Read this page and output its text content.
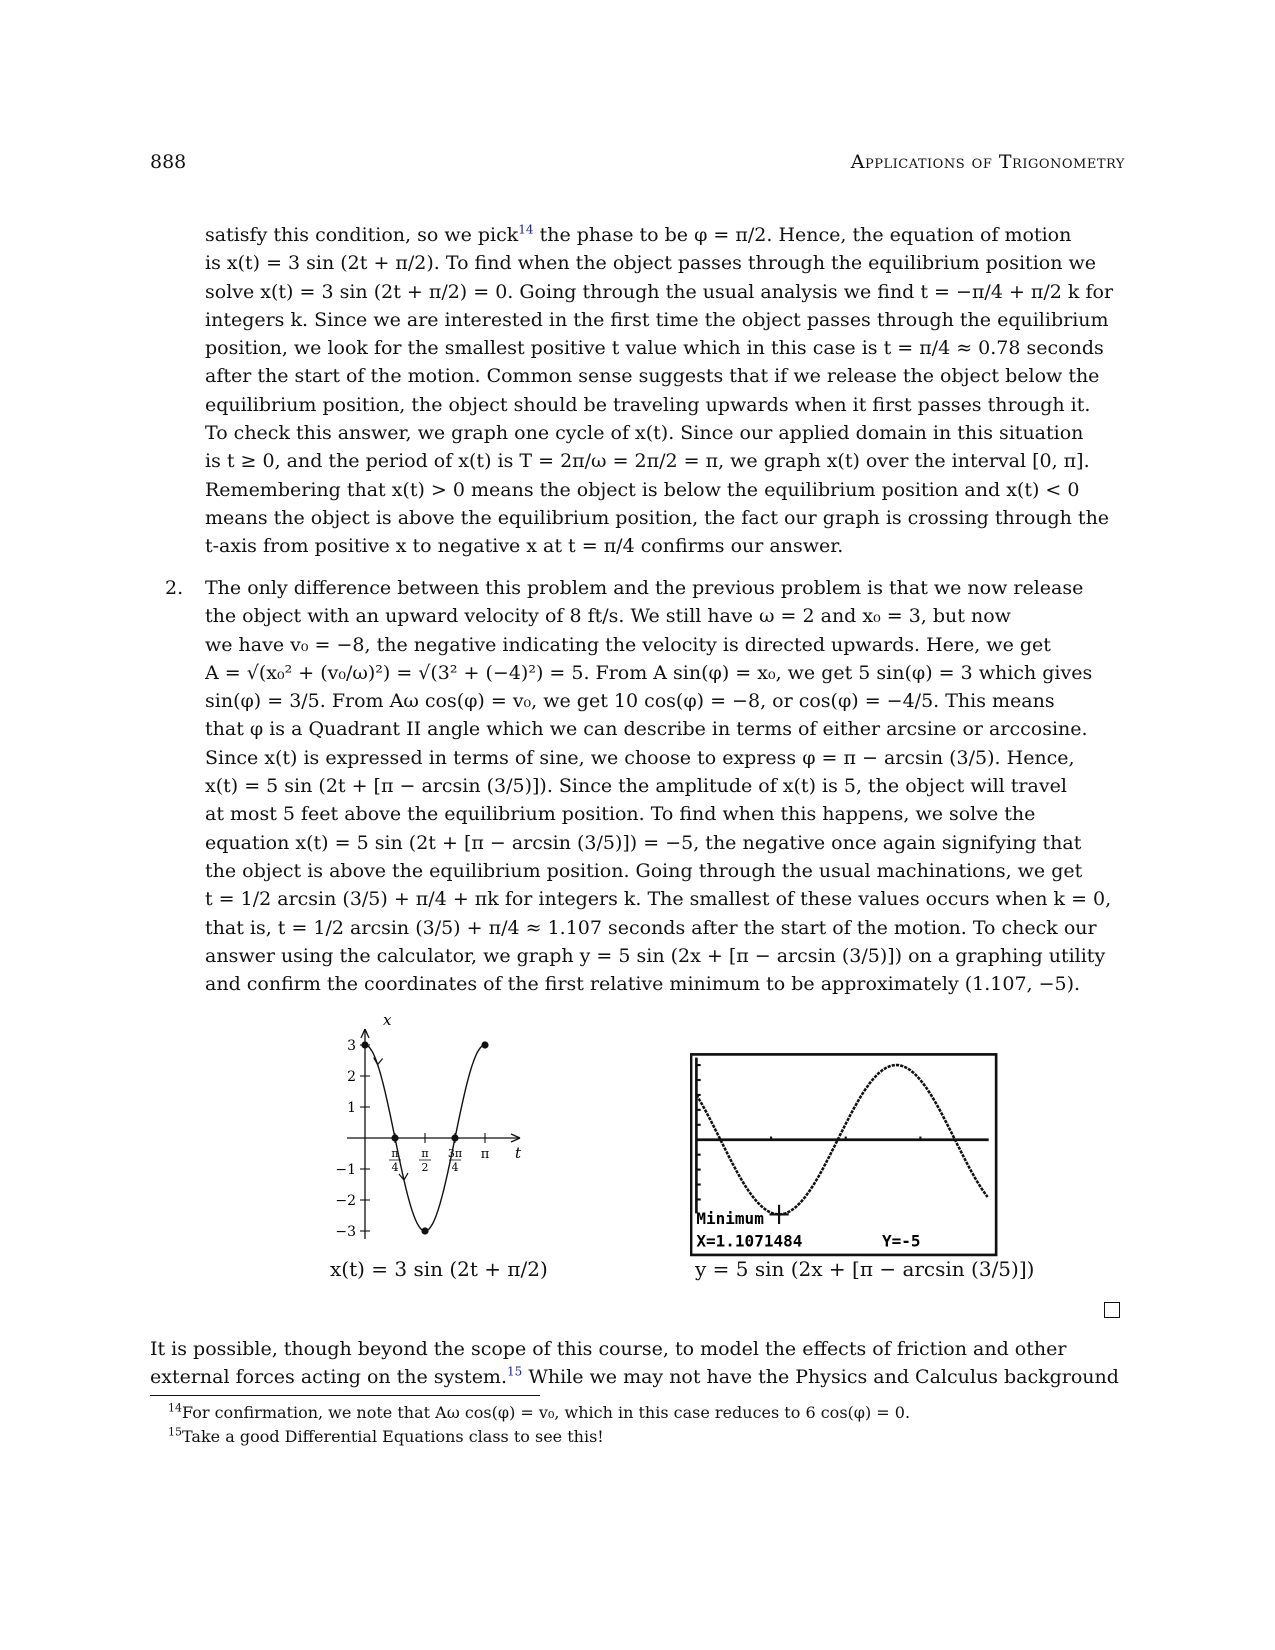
888	Applications of Trigonometry
satisfy this condition, so we pick$^{14}$ the phase to be φ = π/2. Hence, the equation of motion
is x(t) = 3 sin (2t + π/2). To find when the object passes through the equilibrium position we
solve x(t) = 3 sin (2t + π/2) = 0. Going through the usual analysis we find t = −π/4 + π/2 k for
integers k. Since we are interested in the first time the object passes through the equilibrium
position, we look for the smallest positive t value which in this case is t = π/4 ≈ 0.78 seconds
after the start of the motion. Common sense suggests that if we release the object below the
equilibrium position, the object should be traveling upwards when it first passes through it.
To check this answer, we graph one cycle of x(t). Since our applied domain in this situation
is t ≥ 0, and the period of x(t) is T = 2π/ω = 2π/2 = π, we graph x(t) over the interval [0, π].
Remembering that x(t) > 0 means the object is below the equilibrium position and x(t) < 0
means the object is above the equilibrium position, the fact our graph is crossing through the
t-axis from positive x to negative x at t = π/4 confirms our answer.
2. The only difference between this problem and the previous problem is that we now release
the object with an upward velocity of 8 ft/s. We still have ω = 2 and x₀ = 3, but now
we have v₀ = −8, the negative indicating the velocity is directed upwards. Here, we get
A = √(x₀² + (v₀/ω)²) = √(3² + (−4)²) = 5. From A sin(φ) = x₀, we get 5 sin(φ) = 3 which gives
sin(φ) = 3/5. From Aω cos(φ) = v₀, we get 10 cos(φ) = −8, or cos(φ) = −4/5. This means
that φ is a Quadrant II angle which we can describe in terms of either arcsine or arccosine.
Since x(t) is expressed in terms of sine, we choose to express φ = π − arcsin (3/5). Hence,
x(t) = 5 sin (2t + [π − arcsin (3/5)]). Since the amplitude of x(t) is 5, the object will travel
at most 5 feet above the equilibrium position. To find when this happens, we solve the
equation x(t) = 5 sin (2t + [π − arcsin (3/5)]) = −5, the negative once again signifying that
the object is above the equilibrium position. Going through the usual machinations, we get
t = 1/2 arcsin (3/5) + π/4 + πk for integers k. The smallest of these values occurs when k = 0,
that is, t = 1/2 arcsin (3/5) + π/4 ≈ 1.107 seconds after the start of the motion. To check our
answer using the calculator, we graph y = 5 sin (2x + [π − arcsin (3/5)]) on a graphing utility
and confirm the coordinates of the first relative minimum to be approximately (1.107, −5).
x
t
3
2
1
−1
−2
−3
π
4
π
2
3π
4
π
x(t) = 3 sin (2t + π/2)
Minimum
X=1.1071484	Y=-5
y = 5 sin (2x + [π − arcsin (3/5)])
It is possible, though beyond the scope of this course, to model the effects of friction and other
external forces acting on the system.$^{15}$ While we may not have the Physics and Calculus background
$^{14}$For confirmation, we note that Aω cos(φ) = v₀, which in this case reduces to 6 cos(φ) = 0.
$^{15}$Take a good Differential Equations class to see this!
